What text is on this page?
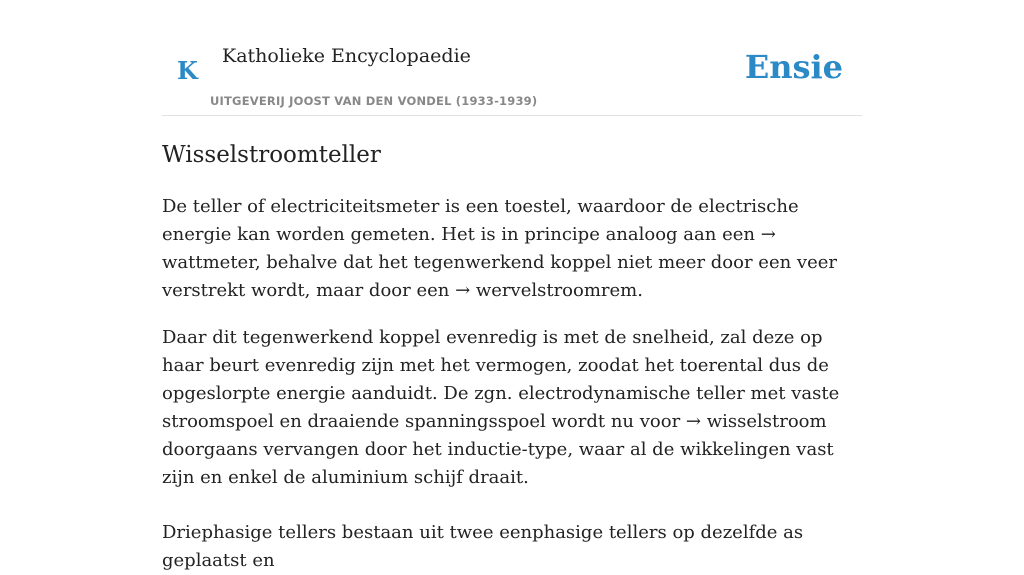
K Katholieke Encyclopaedie
UITGEVERIJ JOOST VAN DEN VONDEL (1933-1939)
Ensie
Wisselstroomteller

De teller of electriciteitsmeter is een toestel, waardoor de electrische energie kan worden gemeten. Het is in principe analoog aan een → wattmeter, behalve dat het tegenwerkend koppel niet meer door een veer verstrekt wordt, maar door een → wervelstroomrem.

Daar dit tegenwerkend koppel evenredig is met de snelheid, zal deze op haar beurt evenredig zijn met het vermogen, zoodat het toerental dus de opgeslorpte energie aanduidt. De zgn. electrodynamische teller met vaste stroomspoel en draaiende spanningsspoel wordt nu voor → wisselstroom doorgaans vervangen door het inductie-type, waar al de wikkelingen vast zijn en enkel de aluminium schijf draait.

Driephasige tellers bestaan uit twee eenphasige tellers op dezelfde as geplaatst en
